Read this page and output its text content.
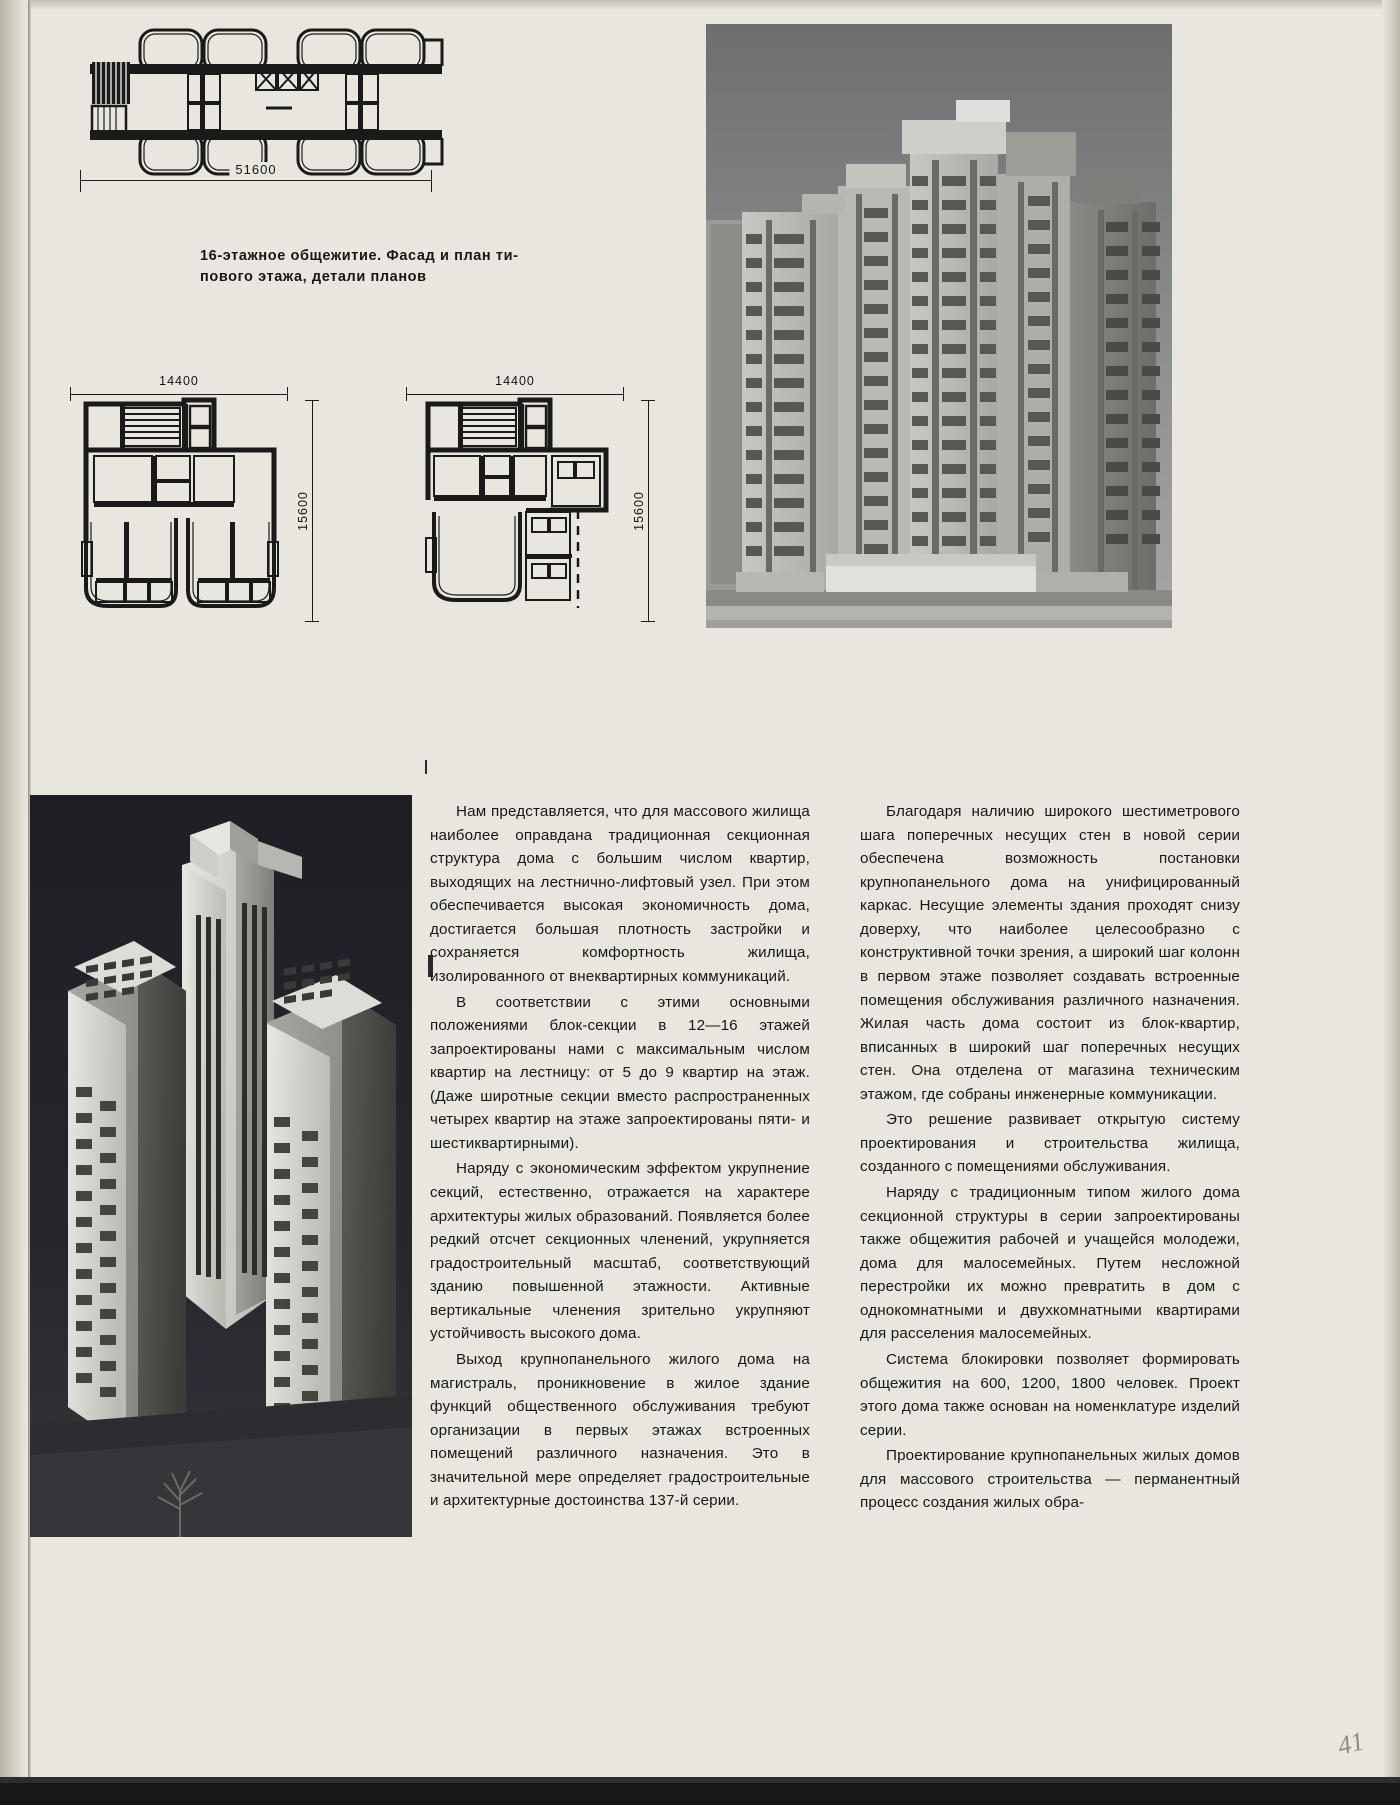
51600
16-этажное общежитие. Фасад и план ти-
пового этажа, детали планов
14400
15600
14400
15600

Нам представляется, что для массового жилища наиболее оправдана традиционная секционная структура дома с большим числом квартир, выходящих на лестнично-лифтовый узел. При этом обеспечивается высокая экономичность дома, достигается большая плотность застройки и сохраняется комфортность жилища, изолированного от внеквартирных коммуникаций.

В соответствии с этими основными положениями блок-секции в 12—16 этажей запроектированы нами с максимальным числом квартир на лестницу: от 5 до 9 квартир на этаж. (Даже широтные секции вместо распространенных четырех квартир на этаже запроектированы пяти- и шестиквартирными).

Наряду с экономическим эффектом укрупнение секций, естественно, отражается на характере архитектуры жилых образований. Появляется более редкий отсчет секционных членений, укрупняется градостроительный масштаб, соответствующий зданию повышенной этажности. Активные вертикальные членения зрительно укрупняют устойчивость высокого дома.

Выход крупнопанельного жилого дома на магистраль, проникновение в жилое здание функций общественного обслуживания требуют организации в первых этажах встроенных помещений различного назначения. Это в значительной мере определяет градостроительные и архитектурные достоинства 137-й серии.

Благодаря наличию широкого шестиметрового шага поперечных несущих стен в новой серии обеспечена возможность постановки крупнопанельного дома на унифицированный каркас. Несущие элементы здания проходят снизу доверху, что наиболее целесообразно с конструктивной точки зрения, а широкий шаг колонн в первом этаже позволяет создавать встроенные помещения обслуживания различного назначения. Жилая часть дома состоит из блок-квартир, вписанных в широкий шаг поперечных несущих стен. Она отделена от магазина техническим этажом, где собраны инженерные коммуникации.

Это решение развивает открытую систему проектирования и строительства жилища, созданного с помещениями обслуживания.

Наряду с традиционным типом жилого дома секционной структуры в серии запроектированы также общежития рабочей и учащейся молодежи, дома для малосемейных. Путем несложной перестройки их можно превратить в дом с однокомнатными и двухкомнатными квартирами для расселения малосемейных.

Система блокировки позволяет формировать общежития на 600, 1200, 1800 человек. Проект этого дома также основан на номенклатуре изделий серии.

Проектирование крупнопанельных жилых домов для массового строительства — перманентный процесс создания жилых обра-

41
